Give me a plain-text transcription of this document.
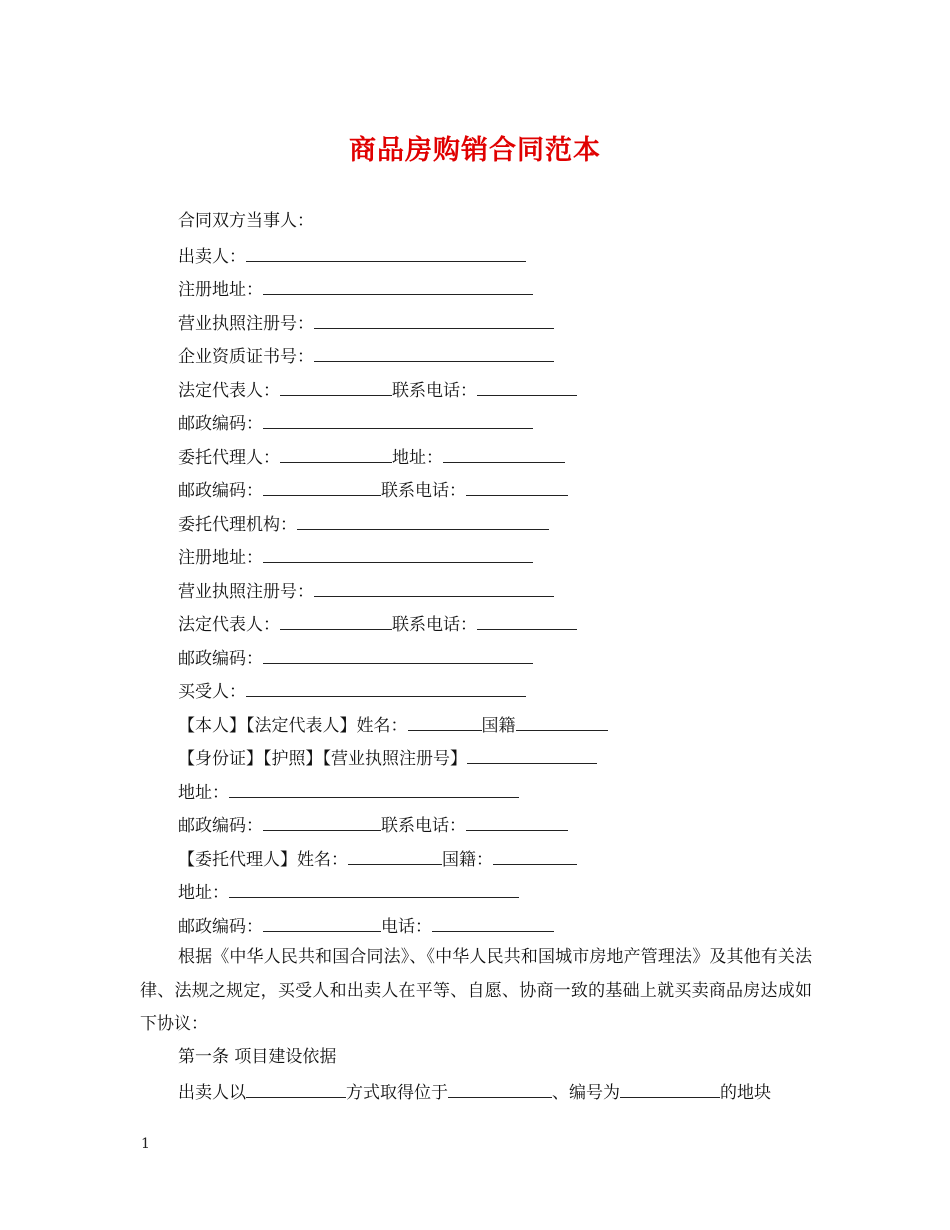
商品房购销合同范本
合同双方当事人：
出卖人：
注册地址：
营业执照注册号：
企业资质证书号：
法定代表人：	联系电话：
邮政编码：
委托代理人：	地址：
邮政编码：	联系电话：
委托代理机构：
注册地址：
营业执照注册号：
法定代表人：	联系电话：
邮政编码：
买受人：
【本人】【法定代表人】姓名：	国籍
【身份证】【护照】【营业执照注册号】
地址：
邮政编码：	联系电话：
【委托代理人】姓名：	国籍：
地址：
邮政编码：	电话：
根据《中华人民共和国合同法》、《中华人民共和国城市房地产管理法》及其他有关法律、法规之规定，买受人和出卖人在平等、自愿、协商一致的基础上就买卖商品房达成如下协议：
第一条 项目建设依据
出卖人以	方式取得位于	、编号为	的地块
1
